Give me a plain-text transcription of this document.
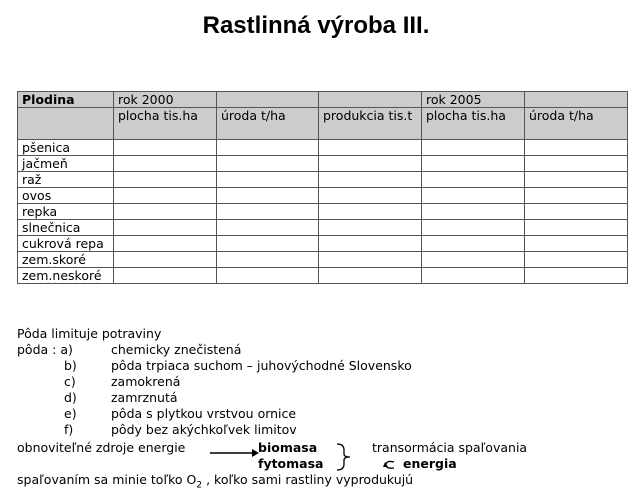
Rastlinná výroba III.
Plodina	rok 2000			rok 2005	
	plocha tis.ha	úroda t/ha	produkcia tis.t	plocha tis.ha	úroda t/ha
pšenica					
jačmeň					
raž					
ovos					
repka					
slnečnica					
cukrová repa					
zem.skoré					
zem.neskoré					
Pôda limituje potraviny
pôda : a)	chemicky znečistená
b)	pôda trpiaca suchom – juhovýchodné Slovensko
c)	zamokrená
d)	zamrznutá
e)	pôda s plytkou vrstvou ornice
f)	pôdy bez akýchkoľvek limitov
obnoviteľné zdroje energie	biomasa
fytomasa
transormácia spaľovania
energia
spaľovaním sa minie toľko $O_2$ , koľko sami rastliny vyprodukujú
